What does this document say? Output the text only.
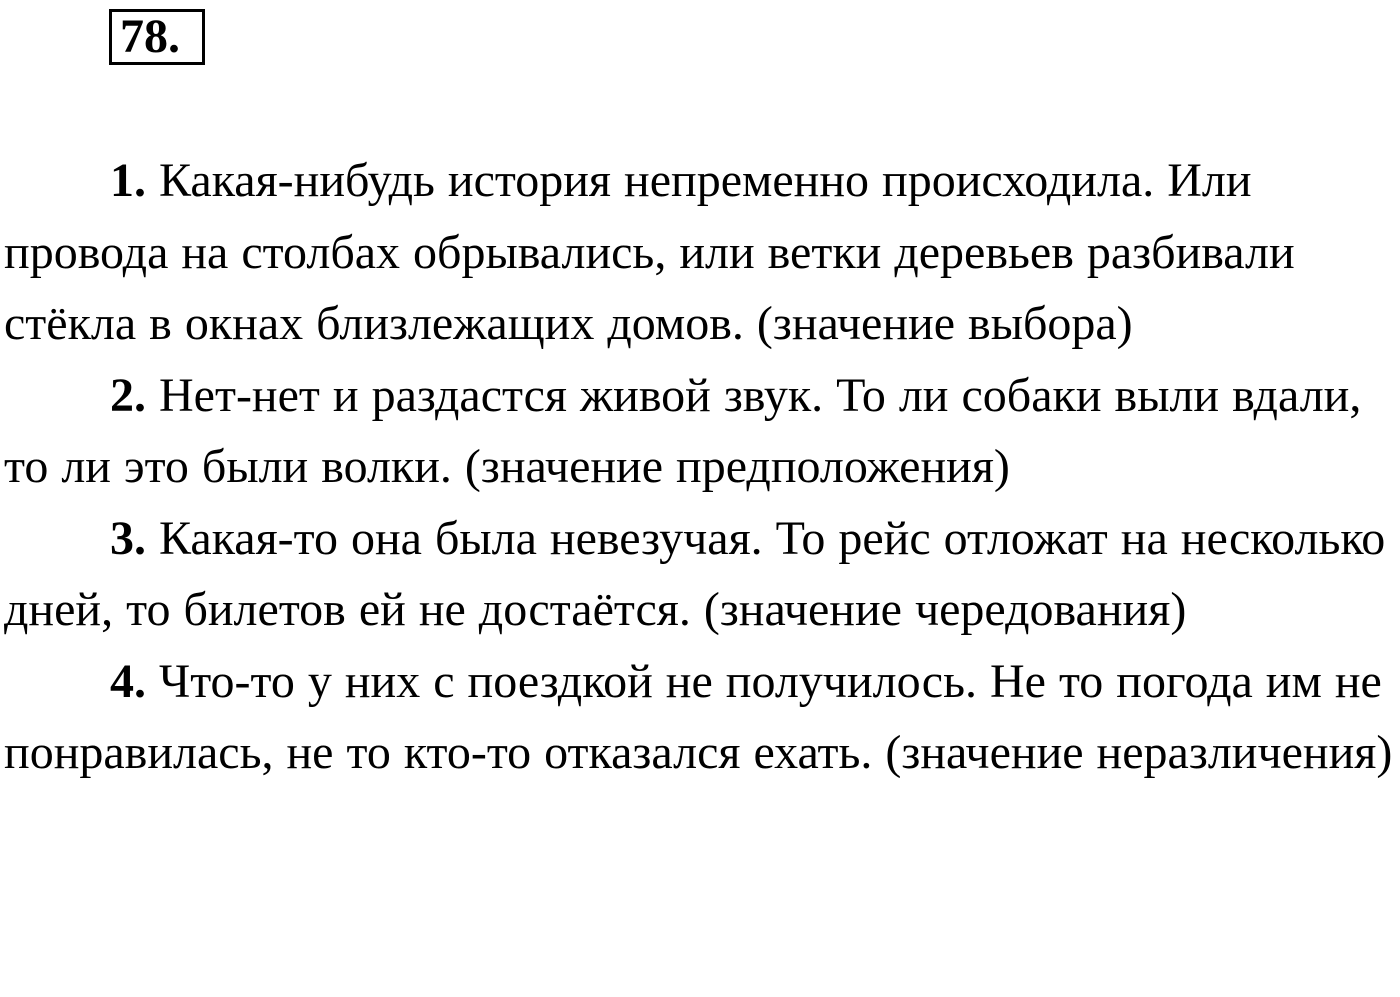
78.

1. Какая-нибудь история непременно происходила. Или провода на столбах обрывались, или ветки деревьев разбивали стёкла в окнах близлежащих домов. (значение выбора)

2. Нет-нет и раздастся живой звук. То ли собаки выли вдали, то ли это были волки. (значение предположения)

3. Какая-то она была невезучая. То рейс отложат на несколько дней, то билетов ей не достаётся. (значение чередования)

4. Что-то у них с поездкой не получилось. Не то погода им не понравилась, не то кто-то отказался ехать. (значение неразличения)
